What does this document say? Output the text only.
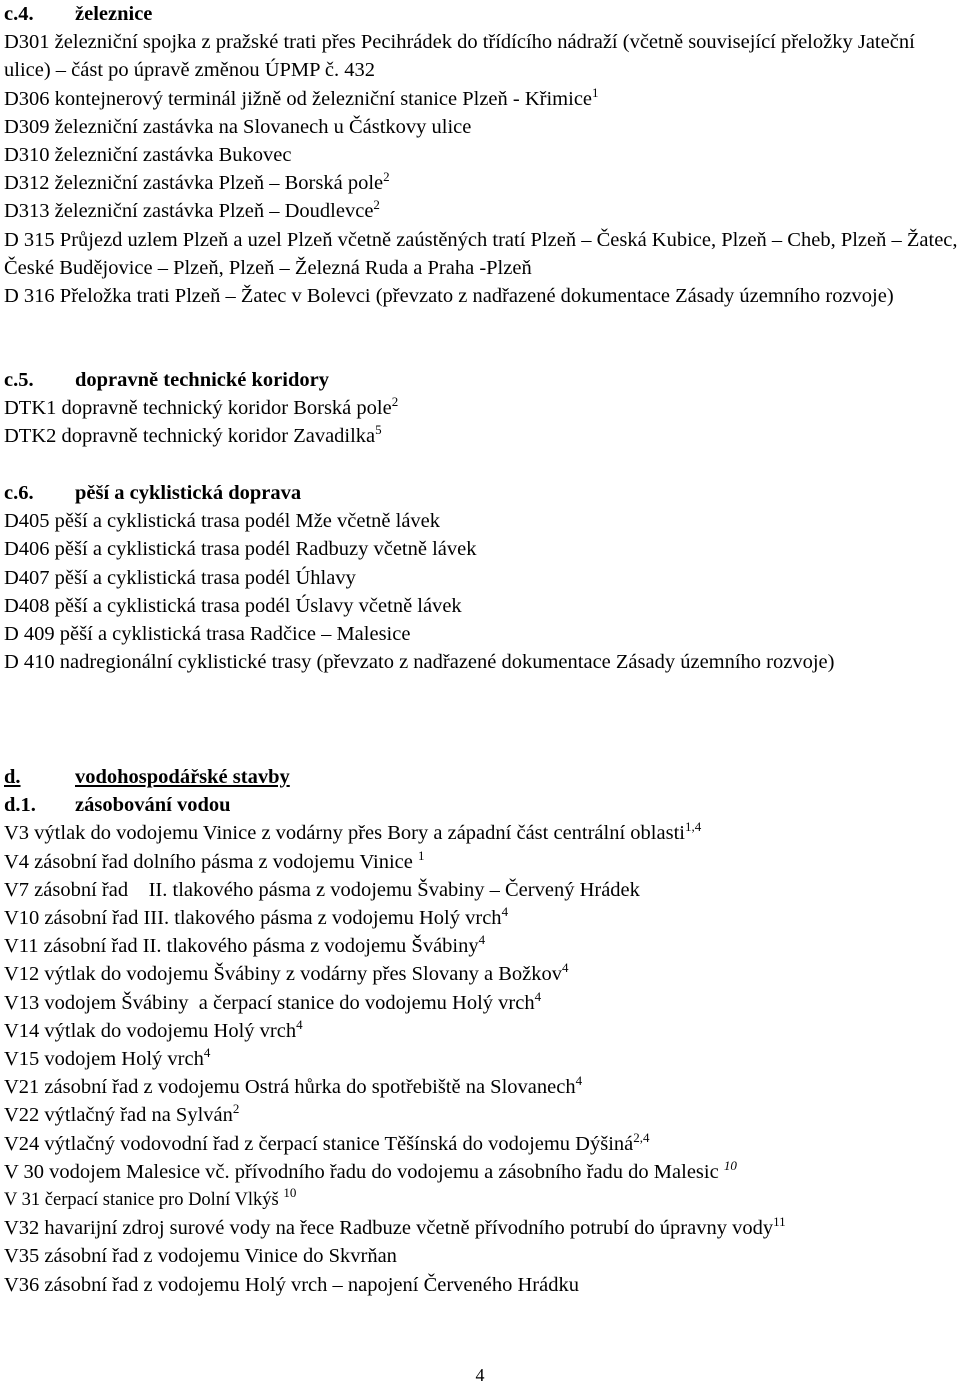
c.4. železnice
D301 železniční spojka z pražské trati přes Pecihrádek do třídícího nádraží (včetně související přeložky Jateční ulice) – část po úpravě změnou ÚPMP č. 432
D306 kontejnerový terminál jižně od železniční stanice Plzeň - Křimice$^1$
D309 železniční zastávka na Slovanech u Částkovy ulice
D310 železniční zastávka Bukovec
D312 železniční zastávka Plzeň – Borská pole$^2$
D313 železniční zastávka Plzeň – Doudlevce$^2$
D 315 Průjezd uzlem Plzeň a uzel Plzeň včetně zaústěných tratí Plzeň – Česká Kubice, Plzeň – Cheb, Plzeň – Žatec, České Budějovice – Plzeň, Plzeň – Železná Ruda a Praha -Plzeň
D 316 Přeložka trati Plzeň – Žatec v Bolevci (převzato z nadřazené dokumentace Zásady územního rozvoje)
c.5. dopravně technické koridory
DTK1 dopravně technický koridor Borská pole$^2$
DTK2 dopravně technický koridor Zavadilka$^5$
c.6. pěší a cyklistická doprava
D405 pěší a cyklistická trasa podél Mže včetně lávek
D406 pěší a cyklistická trasa podél Radbuzy včetně lávek
D407 pěší a cyklistická trasa podél Úhlavy
D408 pěší a cyklistická trasa podél Úslavy včetně lávek
D 409 pěší a cyklistická trasa Radčice – Malesice
D 410 nadregionální cyklistické trasy (převzato z nadřazené dokumentace Zásady územního rozvoje)
d.	vodohospodářské stavby
d.1. zásobování vodou
V3 výtlak do vodojemu Vinice z vodárny přes Bory a západní část centrální oblasti$^{1,4}$
V4 zásobní řad dolního pásma z vodojemu Vinice $^1$
V7 zásobní řad    II. tlakového pásma z vodojemu Švabiny – Červený Hrádek
V10 zásobní řad III. tlakového pásma z vodojemu Holý vrch$^4$
V11 zásobní řad II. tlakového pásma z vodojemu Švábiny$^4$
V12 výtlak do vodojemu Švábiny z vodárny přes Slovany a Božkov$^4$
V13 vodojem Švábiny  a čerpací stanice do vodojemu Holý vrch$^4$
V14 výtlak do vodojemu Holý vrch$^4$
V15 vodojem Holý vrch$^4$
V21 zásobní řad z vodojemu Ostrá hůrka do spotřebiště na Slovanech$^4$
V22 výtlačný řad na Sylván$^2$
V24 výtlačný vodovodní řad z čerpací stanice Těšínská do vodojemu Dýšiná$^{2,4}$
V 30 vodojem Malesice vč. přívodního řadu do vodojemu a zásobního řadu do Malesic $^{10}$
V 31 čerpací stanice pro Dolní Vlkýš $^{10}$
V32 havarijní zdroj surové vody na řece Radbuze včetně přívodního potrubí do úpravny vody$^{11}$
V35 zásobní řad z vodojemu Vinice do Skvrňan
V36 zásobní řad z vodojemu Holý vrch – napojení Červeného Hrádku
4
